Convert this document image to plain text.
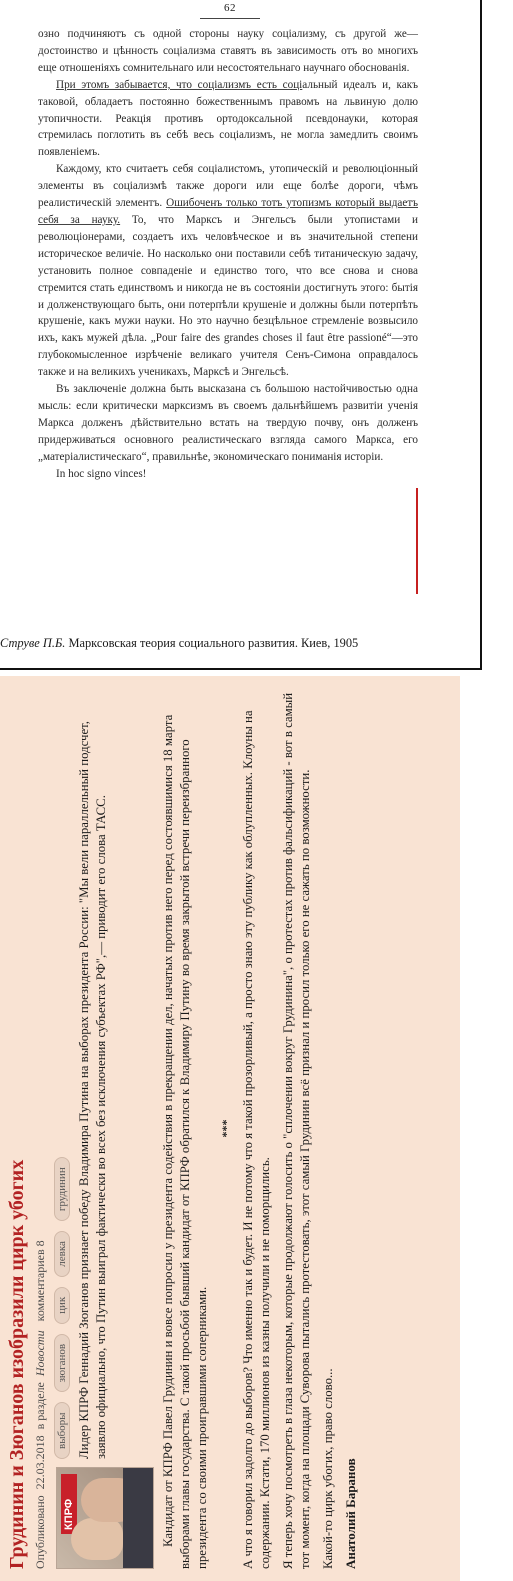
62

озно подчиняютъ съ одной стороны науку соціализму, съ другой же—достоинство и цѣнность соціализма ставятъ въ зависимость отъ во многихъ еще отношеніяхъ сомнительнаго или несостоятельнаго научнаго обоснованія.

При этомъ забывается, что соціализмъ есть соціальный идеалъ и, какъ таковой, обладаетъ постоянно божественнымъ правомъ на львиную долю утопичности. Реакція противъ ортодоксальной псевдонауки, которая стремилась поглотить въ себѣ весь соціализмъ, не могла замедлить своимъ появленіемъ.

Каждому, кто считаетъ себя соціалистомъ, утопическій и революціонный элементы въ соціализмѣ также дороги или еще болѣе дороги, чѣмъ реалистическій элементъ. Ошибоченъ только тотъ утопизмъ который выдаетъ себя за науку. То, что Марксъ и Энгельсъ были утопистами и революціонерами, создаетъ ихъ человѣческое и въ значительной степени историческое величіе. Но насколько они поставили себѣ титаническую задачу, установить полное совпаденіе и единство того, что все снова и снова стремится стать единствомъ и никогда не въ состояніи достигнуть этого: бытія и долженствующаго быть, они потерпѣли крушеніе и должны были потерпѣть крушеніе, какъ мужи науки. Но это научно безцѣльное стремленіе возвысило ихъ, какъ мужей дѣла. „Pour faire des grandes choses il faut être passioné“—это глубокомысленное изрѣченіе великаго учителя Сенъ-Симона оправдалось также и на великихъ ученикахъ, Марксѣ и Энгельсѣ.

Въ заключеніе должна быть высказана съ большою настойчивостью одна мысль: если критически марксизмъ въ своемъ дальнѣйшемъ развитіи ученія Маркса долженъ дѣйствительно встать на твердую почву, онъ долженъ придерживаться основного реалистическаго взгляда самого Маркса, его „матеріалистическаго“, правильнѣе, экономическаго пониманія исторіи.

In hoc signo vinces!

Струве П.Б. Марксовская теория социального развития. Киев, 1905
Грудинин и Зюганов изобразили цирк убогих Опубликовано 22.03.2018 в разделе Новости комментариев 8
КПРФ
выборы
зюганов
цик
левка
грудинин Лидер КПРФ Геннадий Зюганов признает победу Владимира Путина на выборах президента России: "Мы вели параллельный подсчет, заявлю официально, что Путин выиграл фактически во всех без исключения субъектах РФ",— приводит его слова ТАСС.	Кандидат от КПРФ Павел Грудинин и вовсе попросил у президента содействия в прекращении дел, начатых против него перед состоявшимися 18 марта выборами главы государства. С такой просьбой бывший кандидат от КПРФ обратился к Владимиру Путину во время закрытой встречи переизбранного президента со своими проигравшими соперниками.

*** А что я говорил задолго до выборов? Что именно так и будет. И не потому что я такой прозорливый, а просто знаю эту публику как облупленных. Клоуны на содержании. Кстати, 170 миллионов из казны получили и не поморщились. Я теперь хочу посмотреть в глаза некоторым, которые продолжают голосить о "сплочении вокруг Грудинина", о протестах против фальсификаций - вот в самый тот момент, когда на площади Суворова пытались протестовать, этот самый Грудинин всё признал и просил только его не сажать по возможности. Какой-то цирк убогих, право слово... Анатолий Баранов
